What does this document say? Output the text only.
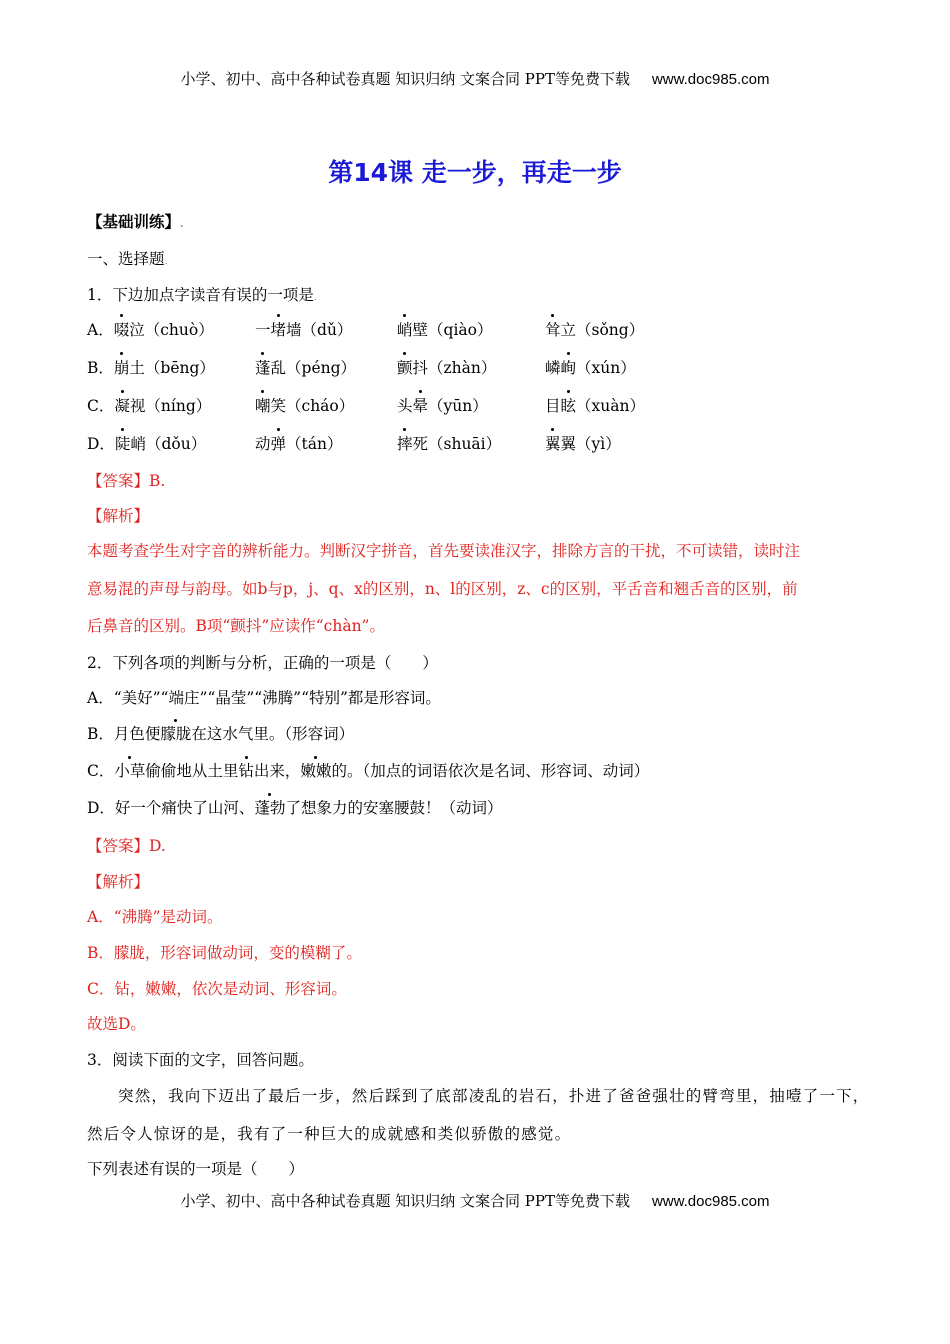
小学、初中、高中各种试卷真题 知识归纳 文案合同 PPT等免费下载 www.doc985.com
第14课 走一步，再走一步
【基础训练】.
一、选择题.
1．下边加点字读音有误的一项是.
A．啜泣（chuò）	一堵墙（dǔ）	峭壁（qiào）	耸立（sǒng）
B．崩土（bēng）	蓬乱（péng）	颤抖（zhàn）	嶙峋（xún）
C．凝视（níng）	嘲笑（cháo）	头晕（yūn）	目眩（xuàn）
D．陡峭（dǒu）	动弹（tán）	摔死（shuāi）	翼翼（yì）
【答案】B.
【解析】
本题考查学生对字音的辨析能力。判断汉字拼音，首先要读准汉字，排除方言的干扰，不可读错，读时注
意易混的声母与韵母。如b与p，j、q、x的区别，n、l的区别，z、c的区别，平舌音和翘舌音的区别，前
后鼻音的区别。B项“颤抖”应读作“chàn”。
2．下列各项的判断与分析，正确的一项是（　　）
A．“美好”“端庄”“晶莹”“沸腾”“特别”都是形容词。
B．月色便朦胧在这水气里。（形容词）
C．小草偷偷地从土里钻出来，嫩嫩的。（加点的词语依次是名词、形容词、动词）
D．好一个痛快了山河、蓬勃了想象力的安塞腰鼓！（动词）
【答案】D.
【解析】
A．“沸腾”是动词。
B．朦胧，形容词做动词，变的模糊了。
C．钻，嫩嫩，依次是动词、形容词。
故选D。
3．阅读下面的文字，回答问题。
突然，我向下迈出了最后一步，然后踩到了底部凌乱的岩石，扑进了爸爸强壮的臂弯里，抽噎了一下，
然后令人惊讶的是，我有了一种巨大的成就感和类似骄傲的感觉。
下列表述有误的一项是（　　）
小学、初中、高中各种试卷真题 知识归纳 文案合同 PPT等免费下载 www.doc985.com
